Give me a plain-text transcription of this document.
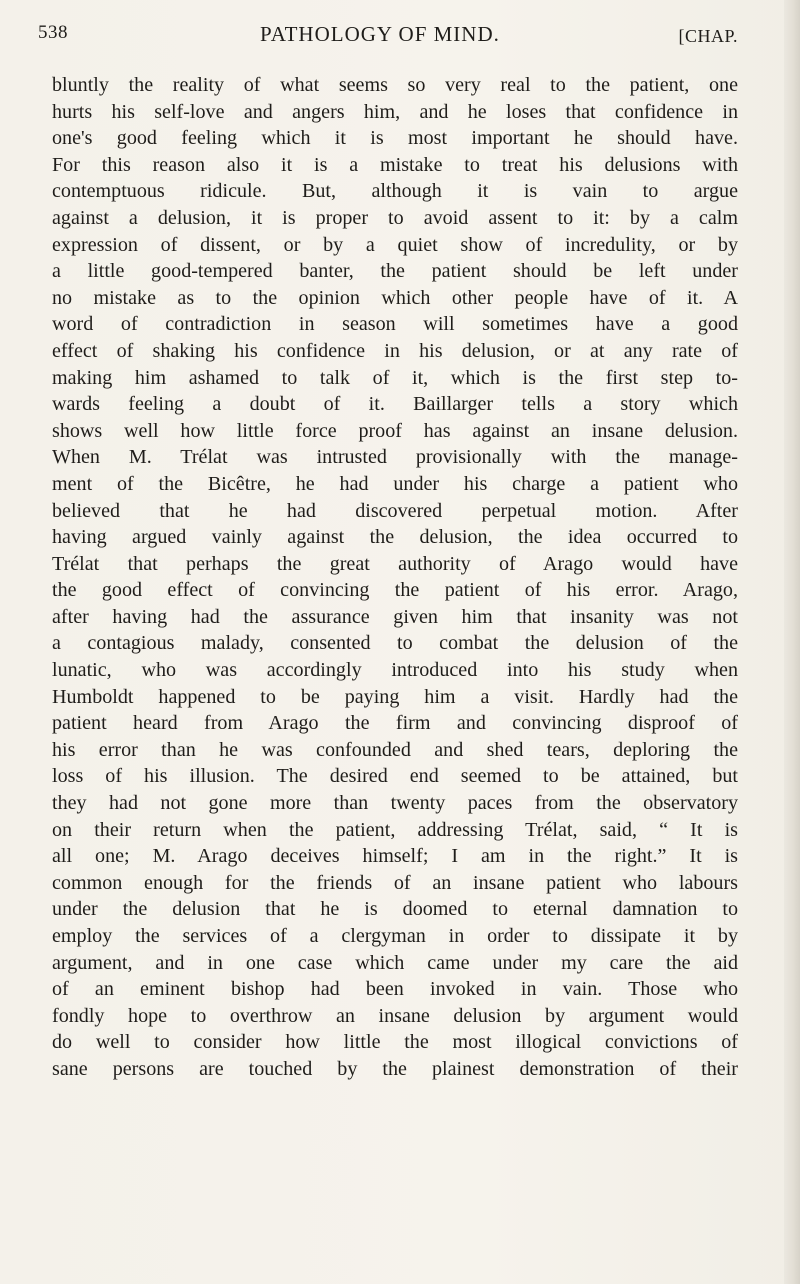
538	PATHOLOGY OF MIND.	[CHAP.
bluntly the reality of what seems so very real to the patient, one
hurts his self-love and angers him, and he loses that confidence in
one's good feeling which it is most important he should have.
For this reason also it is a mistake to treat his delusions with
contemptuous ridicule. But, although it is vain to argue
against a delusion, it is proper to avoid assent to it: by a calm
expression of dissent, or by a quiet show of incredulity, or by
a little good-tempered banter, the patient should be left under
no mistake as to the opinion which other people have of it. A
word of contradiction in season will sometimes have a good
effect of shaking his confidence in his delusion, or at any rate of
making him ashamed to talk of it, which is the first step to-
wards feeling a doubt of it. Baillarger tells a story which
shows well how little force proof has against an insane delusion.
When M. Trélat was intrusted provisionally with the manage-
ment of the Bicêtre, he had under his charge a patient who
believed that he had discovered perpetual motion. After
having argued vainly against the delusion, the idea occurred to
Trélat that perhaps the great authority of Arago would have
the good effect of convincing the patient of his error. Arago,
after having had the assurance given him that insanity was not
a contagious malady, consented to combat the delusion of the
lunatic, who was accordingly introduced into his study when
Humboldt happened to be paying him a visit. Hardly had the
patient heard from Arago the firm and convincing disproof of
his error than he was confounded and shed tears, deploring the
loss of his illusion. The desired end seemed to be attained, but
they had not gone more than twenty paces from the observatory
on their return when the patient, addressing Trélat, said, “ It is
all one; M. Arago deceives himself; I am in the right.” It is
common enough for the friends of an insane patient who labours
under the delusion that he is doomed to eternal damnation to
employ the services of a clergyman in order to dissipate it by
argument, and in one case which came under my care the aid
of an eminent bishop had been invoked in vain. Those who
fondly hope to overthrow an insane delusion by argument would
do well to consider how little the most illogical convictions of
sane persons are touched by the plainest demonstration of their
